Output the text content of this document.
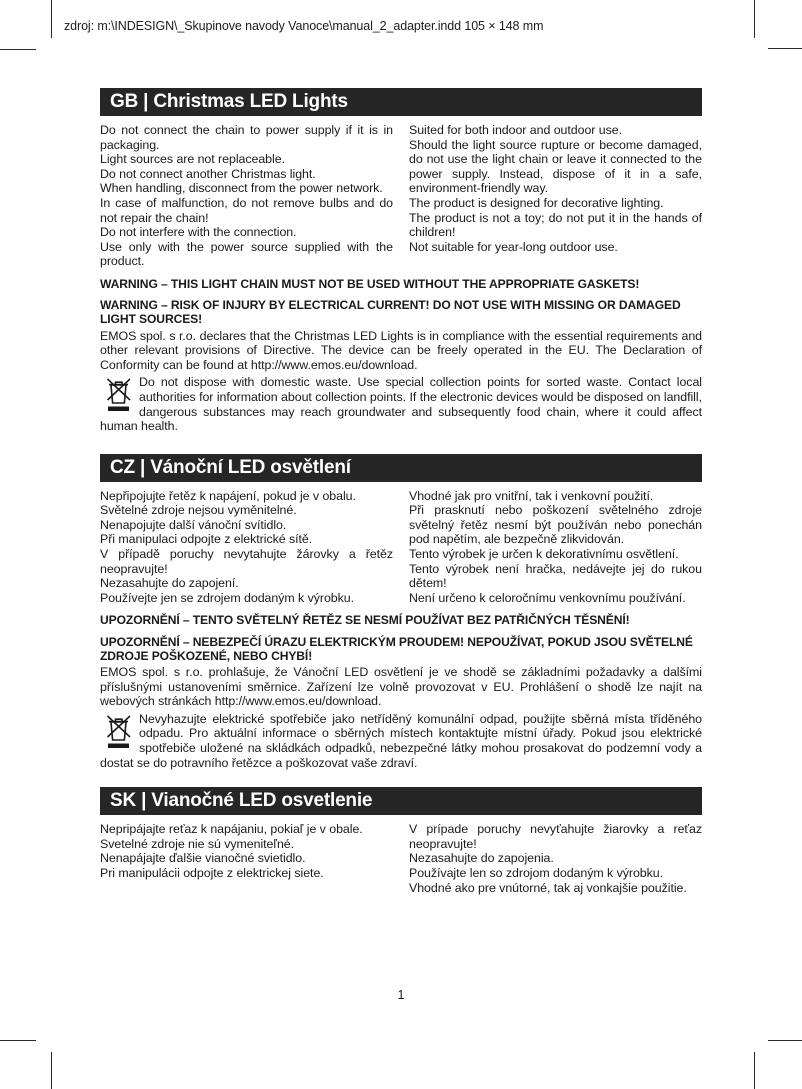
zdroj: m:\INDESIGN\_Skupinove navody Vanoce\manual_2_adapter.indd 105 × 148 mm
GB | Christmas LED Lights

Do not connect the chain to power supply if it is in packaging.

Light sources are not replaceable.

Do not connect another Christmas light.

When handling, disconnect from the power network.

In case of malfunction, do not remove bulbs and do not repair the chain!

Do not interfere with the connection.

Use only with the power source supplied with the product.

Suited for both indoor and outdoor use.

Should the light source rupture or become damaged, do not use the light chain or leave it connected to the power supply. Instead, dispose of it in a safe, environment-friendly way.

The product is designed for decorative lighting.

The product is not a toy; do not put it in the hands of children!

Not suitable for year-long outdoor use.

WARNING – THIS LIGHT CHAIN MUST NOT BE USED WITHOUT THE APPROPRIATE GASKETS!

WARNING – RISK OF INJURY BY ELECTRICAL CURRENT! DO NOT USE WITH MISSING OR DAMAGED LIGHT SOURCES!

EMOS spol. s r.o. declares that the Christmas LED Lights is in compliance with the essential requirements and other relevant provisions of Directive. The device can be freely operated in the EU. The Declaration of Conformity can be found at http://www.emos.eu/download.

Do not dispose with domestic waste. Use special collection points for sorted waste. Contact local authorities for information about collection points. If the electronic devices would be disposed on landfill, dangerous substances may reach groundwater and subsequently food chain, where it could affect human health.
CZ | Vánoční LED osvětlení

Nepřipojujte řetěz k napájení, pokud je v obalu.

Světelné zdroje nejsou vyměnitelné.

Nenapojujte další vánoční svítidlo.

Při manipulaci odpojte z elektrické sítě.

V případě poruchy nevytahujte žárovky a řetěz neopravujte!

Nezasahujte do zapojení.

Používejte jen se zdrojem dodaným k výrobku.

Vhodné jak pro vnitřní, tak i venkovní použití.

Při prasknutí nebo poškození světelného zdroje světelný řetěz nesmí být používán nebo ponechán pod napětím, ale bezpečně zlikvidován.

Tento výrobek je určen k dekorativnímu osvětlení.

Tento výrobek není hračka, nedávejte jej do rukou dětem!

Není určeno k celoročnímu venkovnímu používání.

UPOZORNĚNÍ – TENTO SVĚTELNÝ ŘETĚZ SE NESMÍ POUŽÍVAT BEZ PATŘIČNÝCH TĚSNĚNÍ!

UPOZORNĚNÍ – NEBEZPEČÍ ÚRAZU ELEKTRICKÝM PROUDEM! NEPOUŽÍVAT, POKUD JSOU SVĚTELNÉ ZDROJE POŠKOZENÉ, NEBO CHYBÍ!

EMOS spol. s r.o. prohlašuje, že Vánoční LED osvětlení je ve shodě se základními požadavky a dalšími příslušnými ustanoveními směrnice. Zařízení lze volně provozovat v EU. Prohlášení o shodě lze najít na webových stránkách http://www.emos.eu/download.

Nevyhazujte elektrické spotřebiče jako netříděný komunální odpad, použijte sběrná místa tříděného odpadu. Pro aktuální informace o sběrných místech kontaktujte místní úřady. Pokud jsou elektrické spotřebiče uložené na skládkách odpadků, nebezpečné látky mohou prosakovat do podzemní vody a dostat se do potravního řetězce a poškozovat vaše zdraví.
SK | Vianočné LED osvetlenie

Nepripájajte reťaz k napájaniu, pokiaľ je v obale.

Svetelné zdroje nie sú vymeniteľné.

Nenapájajte ďalšie vianočné svietidlo.

Pri manipulácii odpojte z elektrickej siete.

V prípade poruchy nevyťahujte žiarovky a reťaz neopravujte!

Nezasahujte do zapojenia.

Používajte len so zdrojom dodaným k výrobku.

Vhodné ako pre vnútorné, tak aj vonkajšie použitie.

1
